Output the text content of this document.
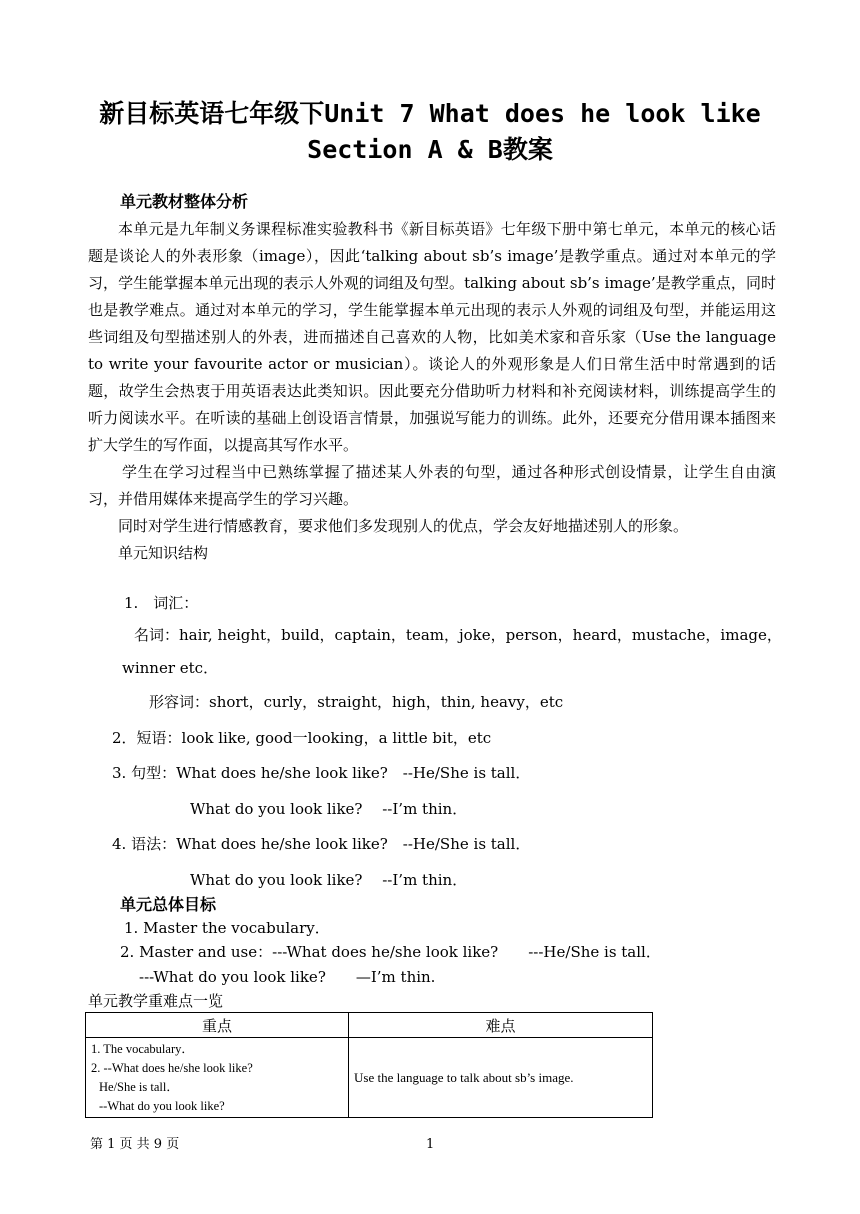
新目标英语七年级下Unit 7 What does he look like
Section A & B教案
单元教材整体分析

本单元是九年制义务课程标准实验教科书《新目标英语》七年级下册中第七单元，本单元的核心话题是谈论人的外表形象（image），因此‘talking about sb’s image’是教学重点。通过对本单元的学习，学生能掌握本单元出现的表示人外观的词组及句型。talking about sb’s image’是教学重点，同时也是教学难点。通过对本单元的学习，学生能掌握本单元出现的表示人外观的词组及句型，并能运用这些词组及句型描述别人的外表，进而描述自己喜欢的人物，比如美术家和音乐家（Use the language to write your favourite actor or musician）。谈论人的外观形象是人们日常生活中时常遇到的话题，故学生会热衷于用英语表达此类知识。因此要充分借助听力材料和补充阅读材料，训练提高学生的听力阅读水平。在听读的基础上创设语言情景，加强说写能力的训练。此外，还要充分借用课本插图来扩大学生的写作面，以提高其写作水平。

学生在学习过程当中已熟练掌握了描述某人外表的句型，通过各种形式创设情景，让学生自由演习，并借用媒体来提高学生的学习兴趣。

同时对学生进行情感教育，要求他们多发现别人的优点，学会友好地描述别人的形象。

单元知识结构

1.　词汇：
名词：hair, height，build，captain，team，joke，person，heard，mustache，image，
winner etc．
形容词：short，curly，straight，high，thin, heavy，etc
2．短语：look like, good一looking，a little bit，etc
3. 句型：What does he/she look like?　--He/She is tall．
What do you look like?　 --I’m thin．
4. 语法：What does he/she look like?　--He/She is tall．
What do you look like?　 --I’m thin．
单元总体目标
1. Master the vocabulary．
2. Master and use：---What does he/she look like?　　---He/She is tall．
---What do you look like?　　—I’m thin.
单元教学重难点一览
重点	难点

1. The vocabulary．
2. --What does he/she look like?
He/She is tall．
--What do you look like?	Use the language to talk about sb’s image.
第 1 页 共 9 页	1
